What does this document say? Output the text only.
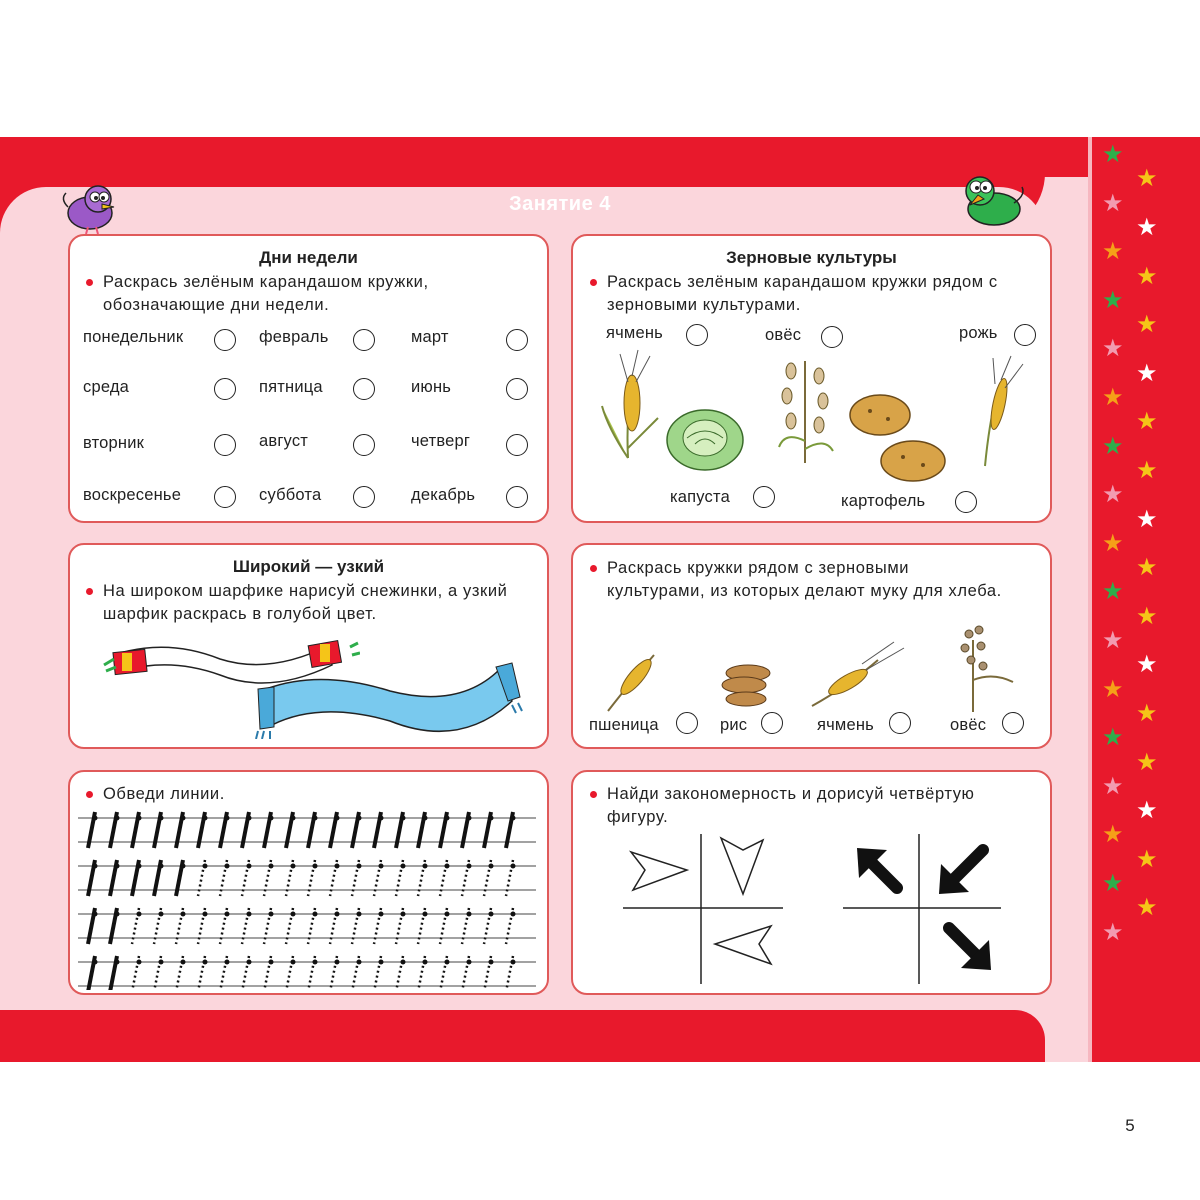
Занятие 4
Дни недели
Раскрась зелёным карандашом кружки, обозначающие дни недели.
понедельник	февраль	март
среда	пятница	июнь
вторник	август	четверг
воскресенье	суббота	декабрь
Зерновые культуры
Раскрась зелёным карандашом кружки рядом с зерновыми культурами.
ячмень	овёс	рожь
капуста	картофель
Широкий — узкий
На широком шарфике нарисуй снежинки, а узкий шарфик раскрась в голубой цвет.
Раскрась кружки рядом с зерновыми культурами, из которых делают муку для хлеба.
пшеница	рис	ячмень	овёс
Обведи линии.	Найди закономерность и дорисуй четвёртую фигуру.
★
★
★
★
★
★
★
★
★
★
★
★
★
★
★
★
★
★
★
★
★
★
★
★
★
★
★
★
★
★
★
★
★
5
